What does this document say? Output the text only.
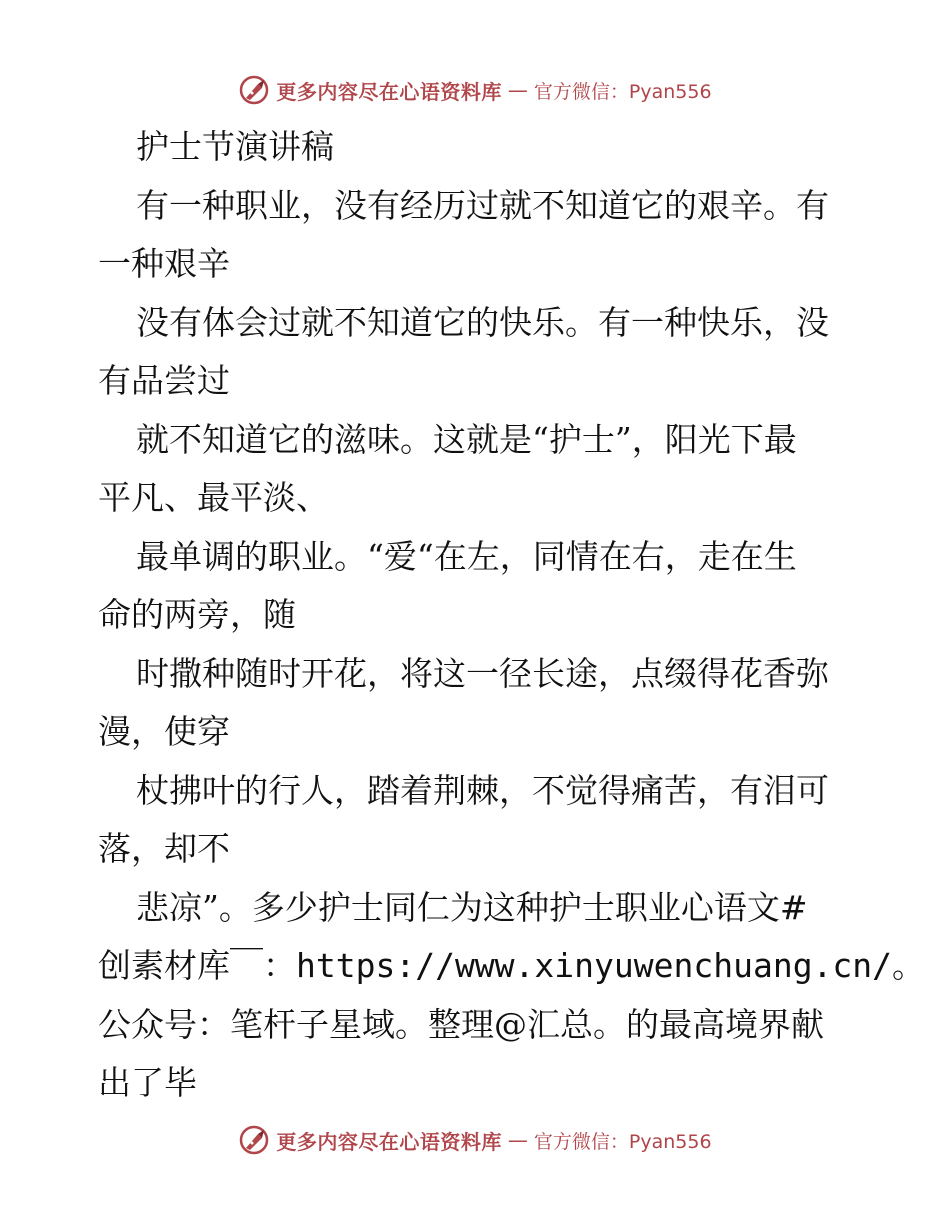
更多内容尽在心语资料库 — 官方微信：Pyan556
护士节演讲稿
有一种职业，没有经历过就不知道它的艰辛。有
一种艰辛
没有体会过就不知道它的快乐。有一种快乐，没
有品尝过
就不知道它的滋味。这就是“护士”，阳光下最
平凡、最平淡、
最单调的职业。“爱“在左，同情在右，走在生
命的两旁，随
时撒种随时开花，将这一径长途，点缀得花香弥
漫，使穿
杖拂叶的行人，踏着荆棘，不觉得痛苦，有泪可
落，却不
悲凉”。多少护士同仁为这种护士职业心语文#
创素材库￣：https://www.xinyuwenchuang.cn/。
公众号：笔杆子星域。整理@汇总。的最高境界献
出了毕
更多内容尽在心语资料库 — 官方微信：Pyan556
